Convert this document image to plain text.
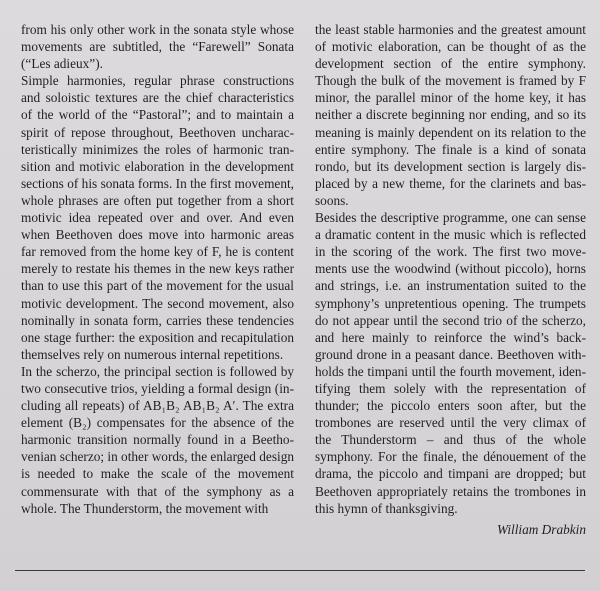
from his only other work in the sonata style whose movements are subtitled, the “Farewell” Sonata (“Les adieux”).

Simple harmonies, regular phrase constructions and soloistic textures are the chief characteristics of the world of the “Pastoral”; and to maintain a spirit of repose throughout, Beethoven uncharacteristically minimizes the roles of harmonic transition and motivic elaboration in the development sections of his sonata forms. In the first movement, whole phrases are often put together from a short motivic idea repeated over and over. And even when Beethoven does move into harmonic areas far removed from the home key of F, he is content merely to restate his themes in the new keys rather than to use this part of the movement for the usual motivic development. The second movement, also nominally in sonata form, carries these tendencies one stage further: the exposition and recapitulation themselves rely on numerous internal repetitions.

In the scherzo, the principal section is followed by two consecutive trios, yielding a formal design (including all repeats) of AB₁B₂ AB₁B₂ A′. The extra element (B₂) compensates for the absence of the harmonic transition normally found in a Beethovenian scherzo; in other words, the enlarged design is needed to make the scale of the movement commensurate with that of the symphony as a whole. The Thunderstorm, the movement with

the least stable harmonies and the greatest amount of motivic elaboration, can be thought of as the development section of the entire symphony. Though the bulk of the movement is framed by F minor, the parallel minor of the home key, it has neither a discrete beginning nor ending, and so its meaning is mainly dependent on its relation to the entire symphony. The finale is a kind of sonata rondo, but its development section is largely displaced by a new theme, for the clarinets and bassoons.

Besides the descriptive programme, one can sense a dramatic content in the music which is reflected in the scoring of the work. The first two movements use the woodwind (without piccolo), horns and strings, i.e. an instrumentation suited to the symphony’s unpretentious opening. The trumpets do not appear until the second trio of the scherzo, and here mainly to reinforce the wind’s background drone in a peasant dance. Beethoven withholds the timpani until the fourth movement, identifying them solely with the representation of thunder; the piccolo enters soon after, but the trombones are reserved until the very climax of the Thunderstorm – and thus of the whole symphony. For the finale, the dénouement of the drama, the piccolo and timpani are dropped; but Beethoven appropriately retains the trombones in this hymn of thanksgiving.

William Drabkin
